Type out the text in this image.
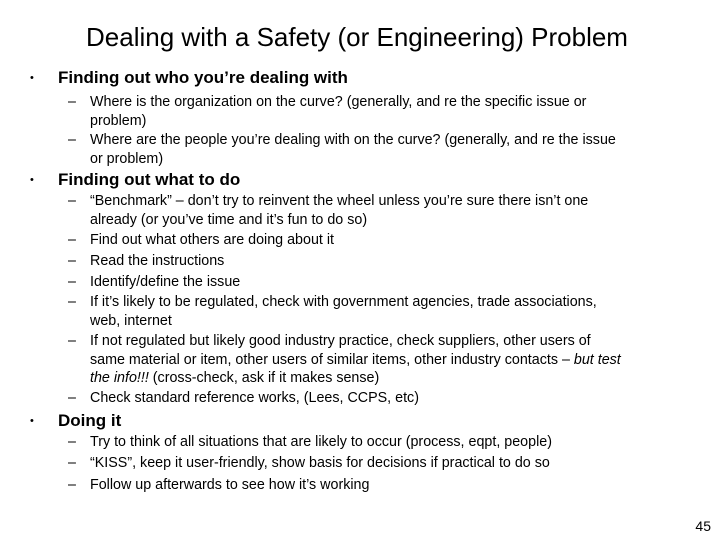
Dealing with a Safety (or Engineering) Problem
• Finding out who you’re dealing with
– Where is the organization on the curve? (generally, and re the specific issue or
problem)
– Where are the people you’re dealing with on the curve? (generally, and re the issue
or problem)
• Finding out what to do
– “Benchmark” – don’t try to reinvent the wheel unless you’re sure there isn’t one
already (or you’ve time and it’s fun to do so)
– Find out what others are doing about it
– Read the instructions
– Identify/define the issue
– If it’s likely to be regulated, check with government agencies, trade associations,
web, internet
– If not regulated but likely good industry practice, check suppliers, other users of
same material or item, other users of similar items, other industry contacts – but test
the info!!! (cross-check, ask if it makes sense)
– Check standard reference works, (Lees, CCPS, etc)
• Doing it
– Try to think of all situations that are likely to occur (process, eqpt, people)
– “KISS”, keep it user-friendly, show basis for decisions if practical to do so
– Follow up afterwards to see how it’s working
45
